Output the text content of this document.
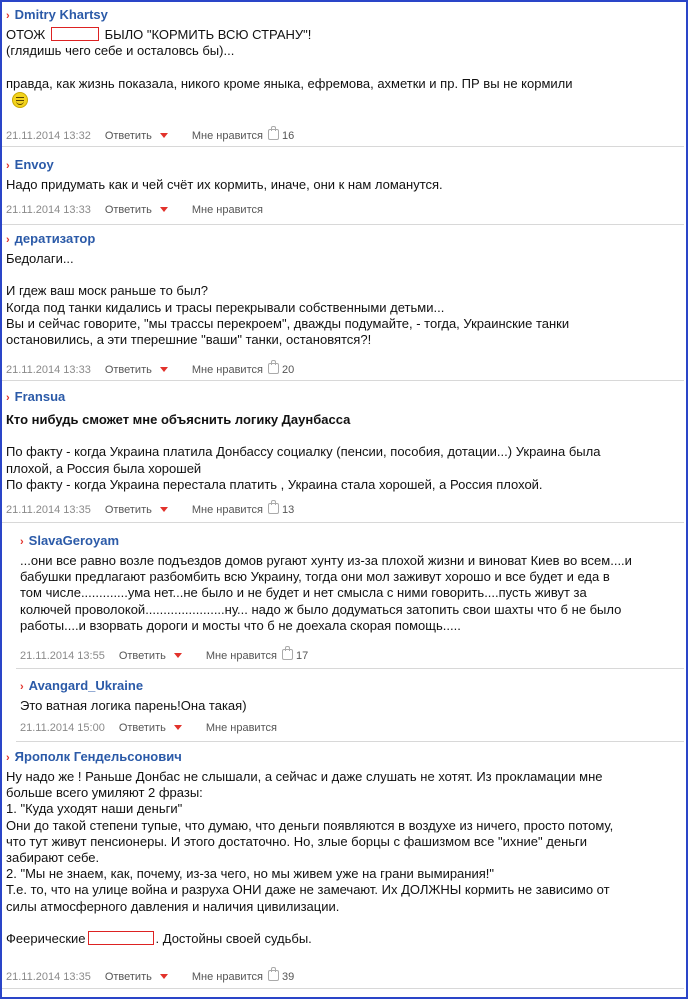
› Dmitry Khartsy

ОТОЖ	БЫЛО "КОРМИТЬ ВСЮ СТРАНУ"!

(глядишь чего себе и осталовсь бы)...

правда, как жизнь показала, никого кроме яныка, ефремова, ахметки и пр. ПР вы не кормили

21.11.2014 13:32 Ответить	Мне нравится 16
› Envoy

Надо придумать как и чей счёт их кормить, иначе, они к нам ломанутся.

21.11.2014 13:33 Ответить	Мне нравится
› дератизатор

Бедолаги...

И гдеж ваш моск раньше то был?

Когда под танки кидались и трасы перекрывали собственными детьми...

Вы и сейчас говорите, "мы трассы перекроем", дважды подумайте, - тогда, Украинские танки

остановились, а эти тперешние "ваши" танки, остановятся?!

21.11.2014 13:33 Ответить	Мне нравится 20
› Fransua

Кто нибудь сможет мне объяснить логику Даунбасса

По факту - когда Украина платила Донбассу социалку (пенсии, пособия, дотации...) Украина была

плохой, а Россия была хорошей

По факту - когда Украина перестала платить , Украина стала хорошей, а Россия плохой.

21.11.2014 13:35 Ответить	Мне нравится 13
› SlavaGeroyam

...они все равно возле подъездов домов ругают хунту из-за плохой жизни и виноват Киев во всем....и

бабушки предлагают разбомбить всю Украину, тогда они мол заживут хорошо и все будет и еда в

том числе.............ума нет...не было и не будет и нет смысла с ними говорить....пусть живут за

колючей проволокой......................ну... надо ж было додуматься затопить свои шахты что б не было

работы....и взорвать дороги и мосты что б не доехала скорая помощь.....

21.11.2014 13:55 Ответить	Мне нравится 17
› Avangard_Ukraine

Это ватная логика парень!Она такая)

21.11.2014 15:00 Ответить	Мне нравится
› Ярополк Гендельсонович

Ну надо же ! Раньше Донбас не слышали, а сейчас и даже слушать не хотят. Из прокламации мне

больше всего умиляют 2 фразы:

1. "Куда уходят наши деньги"

Они до такой степени тупые, что думаю, что деньги появляются в воздухе из ничего, просто потому,

что тут живут пенсионеры. И этого достаточно. Но, злые борцы с фашизмом все "ихние" деньги

забирают себе.

2. "Мы не знаем, как, почему, из-за чего, но мы живем уже на грани вымирания!"

Т.е. то, что на улице война и разруха ОНИ даже не замечают. Их ДОЛЖНЫ кормить не зависимо от

силы атмосферного давления и наличия цивилизации.

Феерические	. Достойны своей судьбы.

21.11.2014 13:35 Ответить	Мне нравится 39
